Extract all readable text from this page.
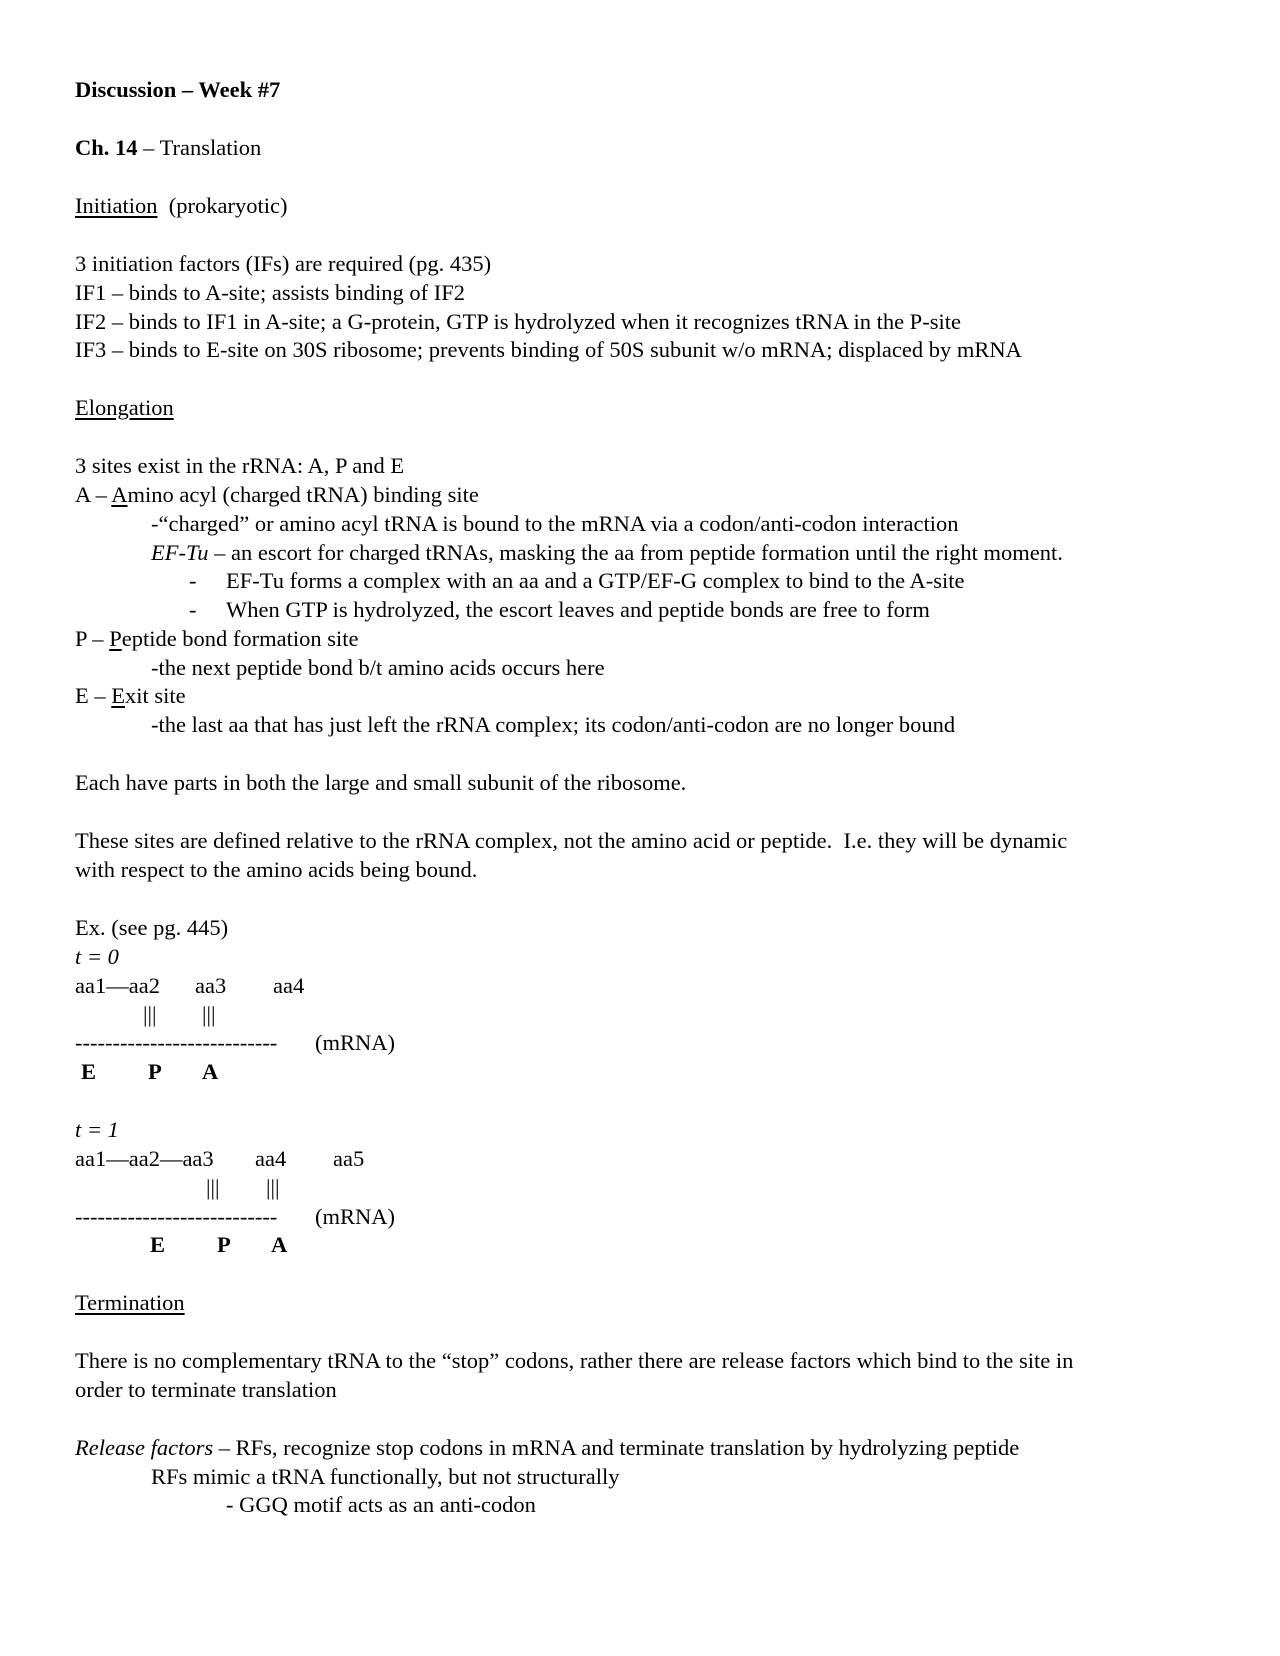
Discussion – Week #7

Ch. 14 – Translation

Initiation (prokaryotic)

3 initiation factors (IFs) are required (pg. 435)

IF1 – binds to A-site; assists binding of IF2

IF2 – binds to IF1 in A-site; a G-protein, GTP is hydrolyzed when it recognizes tRNA in the P-site

IF3 – binds to E-site on 30S ribosome; prevents binding of 50S subunit w/o mRNA; displaced by mRNA

Elongation

3 sites exist in the rRNA: A, P and E

A – Amino acyl (charged tRNA) binding site

-“charged” or amino acyl tRNA is bound to the mRNA via a codon/anti-codon interaction

EF-Tu – an escort for charged tRNAs, masking the aa from peptide formation until the right moment.

- EF-Tu forms a complex with an aa and a GTP/EF-G complex to bind to the A-site

- When GTP is hydrolyzed, the escort leaves and peptide bonds are free to form

P – Peptide bond formation site

-the next peptide bond b/t amino acids occurs here

E – Exit site

-the last aa that has just left the rRNA complex; its codon/anti-codon are no longer bound

Each have parts in both the large and small subunit of the ribosome.

These sites are defined relative to the rRNA complex, not the amino acid or peptide.  I.e. they will be dynamic

with respect to the amino acids being bound.

Ex. (see pg. 445)

t = 0

aa1—aa2 aa3 aa4

||| |||

--------------------------- (mRNA)

E P A

t = 1

aa1—aa2—aa3 aa4 aa5

||| |||

--------------------------- (mRNA)

E P A

Termination

There is no complementary tRNA to the “stop” codons, rather there are release factors which bind to the site in

order to terminate translation

Release factors – RFs, recognize stop codons in mRNA and terminate translation by hydrolyzing peptide

RFs mimic a tRNA functionally, but not structurally

- GGQ motif acts as an anti-codon
